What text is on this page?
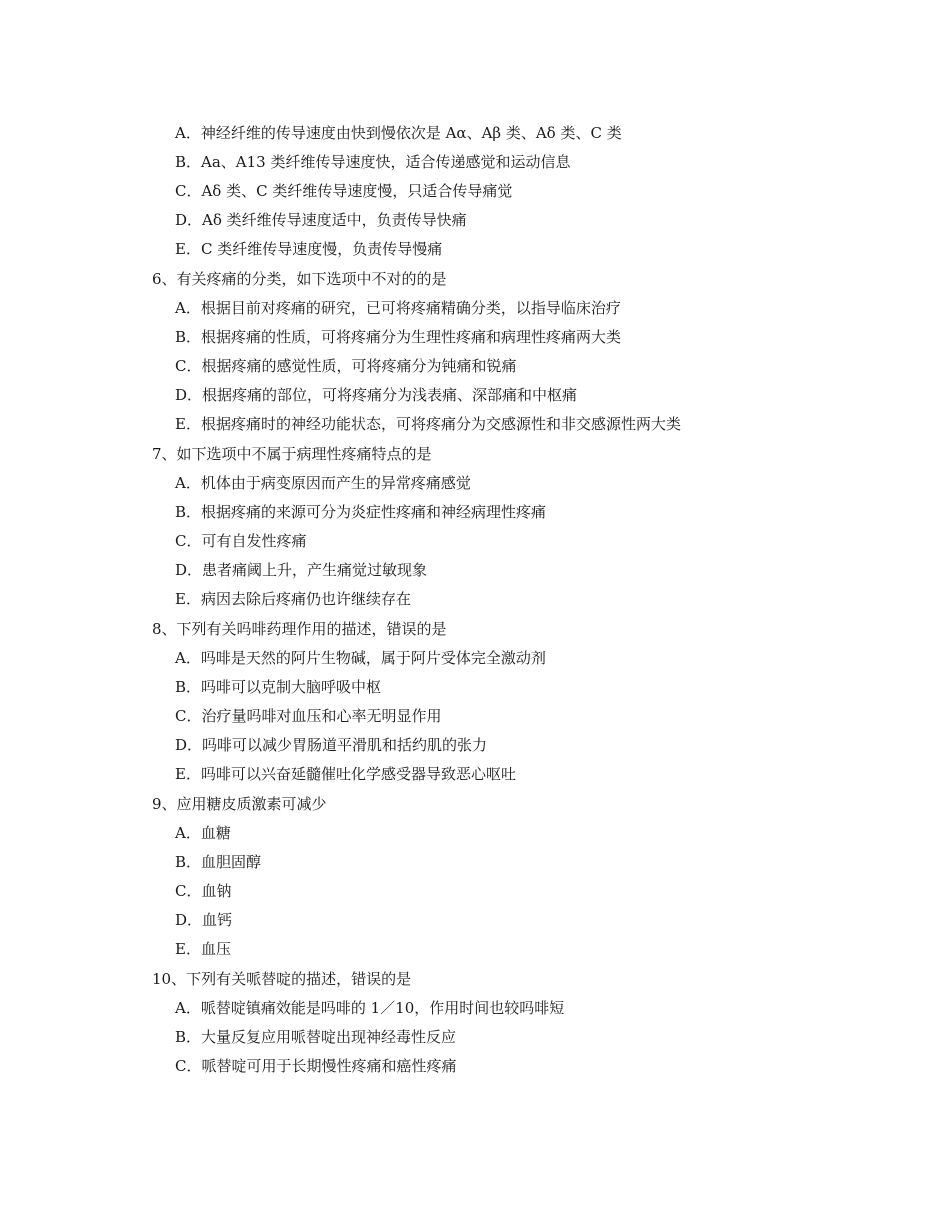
A．神经纤维的传导速度由快到慢依次是 Aα、Aβ 类、Aδ 类、C 类
B．Aa、A13 类纤维传导速度快，适合传递感觉和运动信息
C．Aδ 类、C 类纤维传导速度慢，只适合传导痛觉
D．Aδ 类纤维传导速度适中，负责传导快痛
E．C 类纤维传导速度慢，负责传导慢痛
6、有关疼痛的分类，如下选项中不对的的是
A．根据目前对疼痛的研究，已可将疼痛精确分类，以指导临床治疗
B．根据疼痛的性质，可将疼痛分为生理性疼痛和病理性疼痛两大类
C．根据疼痛的感觉性质，可将疼痛分为钝痛和锐痛
D．根据疼痛的部位，可将疼痛分为浅表痛、深部痛和中枢痛
E．根据疼痛时的神经功能状态，可将疼痛分为交感源性和非交感源性两大类
7、如下选项中不属于病理性疼痛特点的是
A．机体由于病变原因而产生的异常疼痛感觉
B．根据疼痛的来源可分为炎症性疼痛和神经病理性疼痛
C．可有自发性疼痛
D．患者痛阈上升，产生痛觉过敏现象
E．病因去除后疼痛仍也许继续存在
8、下列有关吗啡药理作用的描述，错误的是
A．吗啡是天然的阿片生物碱，属于阿片受体完全激动剂
B．吗啡可以克制大脑呼吸中枢
C．治疗量吗啡对血压和心率无明显作用
D．吗啡可以减少胃肠道平滑肌和括约肌的张力
E．吗啡可以兴奋延髓催吐化学感受器导致恶心呕吐
9、应用糖皮质激素可减少
A．血糖
B．血胆固醇
C．血钠
D．血钙
E．血压
10、下列有关哌替啶的描述，错误的是
A．哌替啶镇痛效能是吗啡的 1／10，作用时间也较吗啡短
B．大量反复应用哌替啶出现神经毒性反应
C．哌替啶可用于长期慢性疼痛和癌性疼痛
